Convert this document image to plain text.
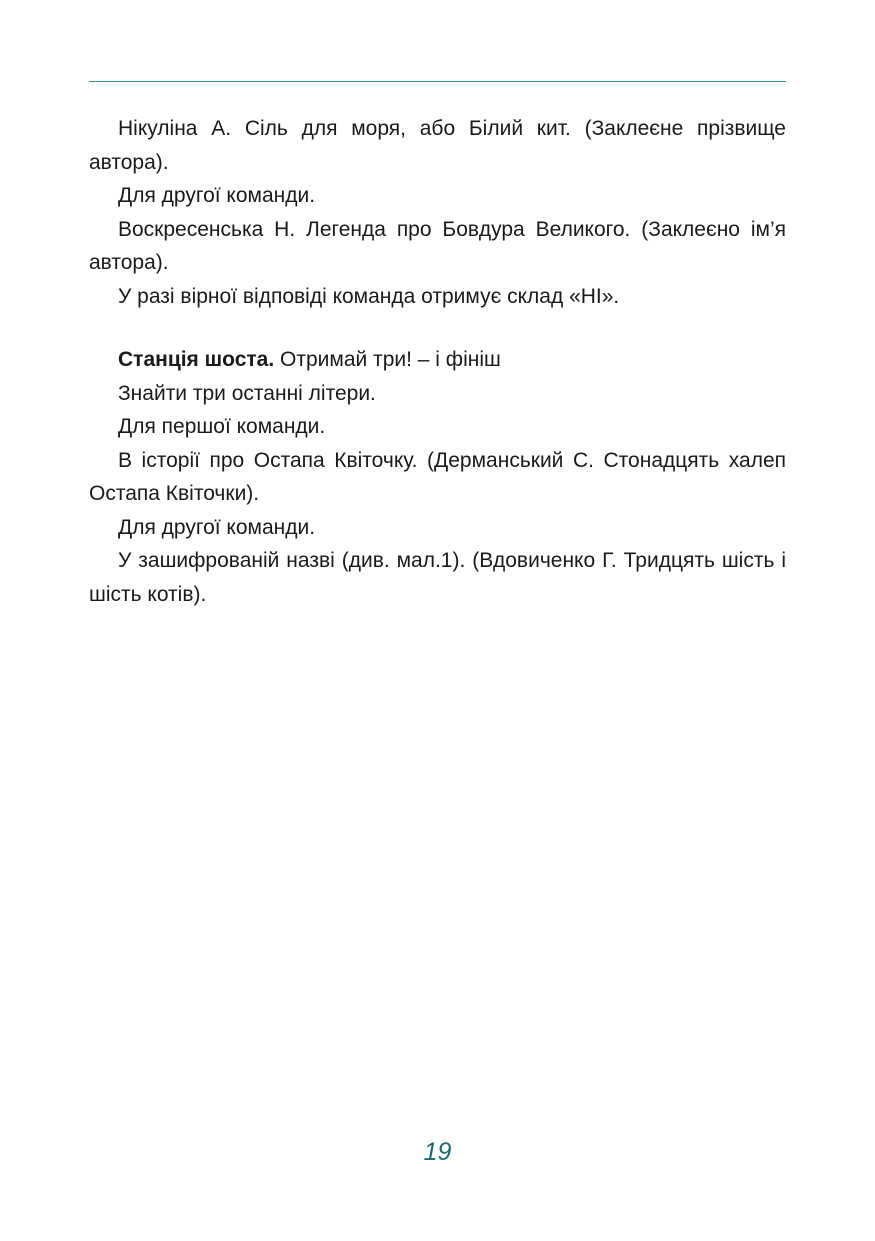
Нікуліна А. Сіль для моря, або Білий кит. (Заклеєне прізвище автора).

Для другої команди.

Воскресенська Н. Легенда про Бовдура Великого. (Заклеєно ім’я автора).

У разі вірної відповіді команда отримує склад «НІ».

Станція шоста. Отримай три! – і фініш

Знайти три останні літери.

Для першої команди.

В історії про Остапа Квіточку. (Дерманський С. Стонадцять халеп Остапа Квіточки).

Для другої команди.

У зашифрованій назві (див. мал.1). (Вдовиченко Г. Тридцять шість і шість котів).

19
